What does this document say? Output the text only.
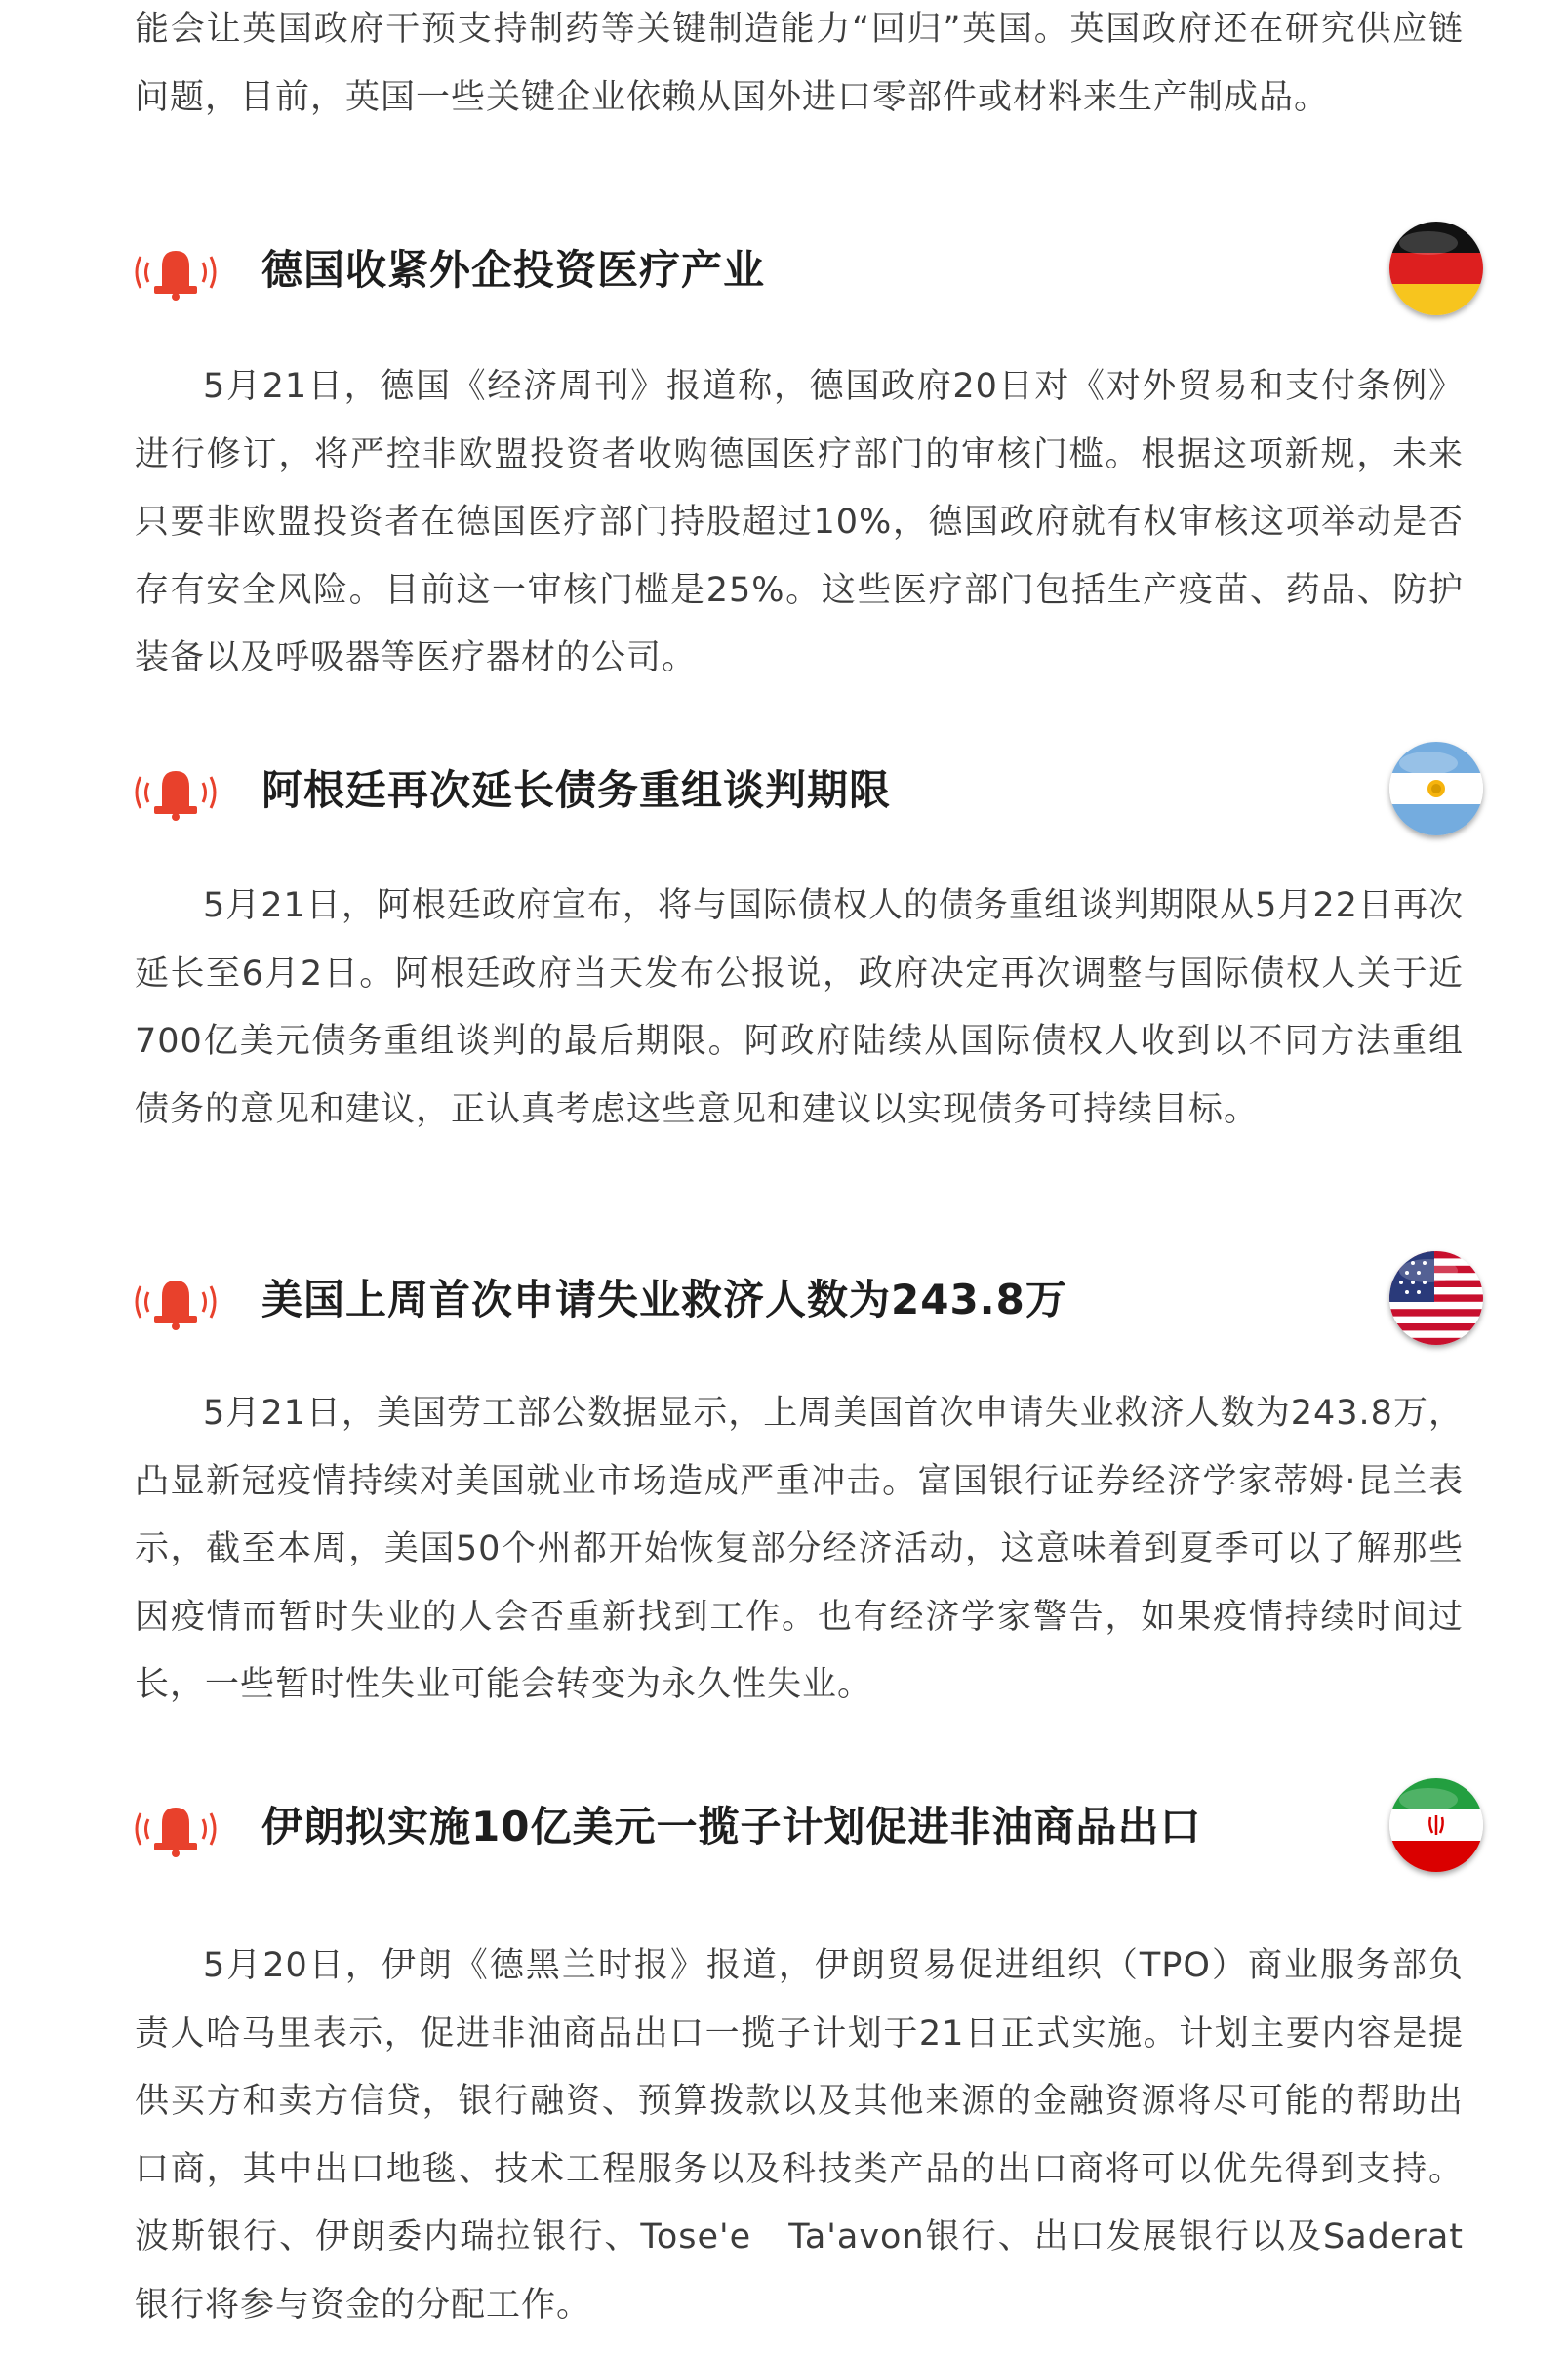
能会让英国政府干预支持制药等关键制造能力“回归”英国。英国政府还在研究供应链问题，目前，英国一些关键企业依赖从国外进口零部件或材料来生产制成品。

德国收紧外企投资医疗产业

5月21日，德国《经济周刊》报道称，德国政府20日对《对外贸易和支付条例》进行修订，将严控非欧盟投资者收购德国医疗部门的审核门槛。根据这项新规，未来只要非欧盟投资者在德国医疗部门持股超过10%，德国政府就有权审核这项举动是否存有安全风险。目前这一审核门槛是25%。这些医疗部门包括生产疫苗、药品、防护装备以及呼吸器等医疗器材的公司。

阿根廷再次延长债务重组谈判期限

5月21日，阿根廷政府宣布，将与国际债权人的债务重组谈判期限从5月22日再次延长至6月2日。阿根廷政府当天发布公报说，政府决定再次调整与国际债权人关于近700亿美元债务重组谈判的最后期限。阿政府陆续从国际债权人收到以不同方法重组债务的意见和建议，正认真考虑这些意见和建议以实现债务可持续目标。

美国上周首次申请失业救济人数为243.8万

5月21日，美国劳工部公数据显示，上周美国首次申请失业救济人数为243.8万，凸显新冠疫情持续对美国就业市场造成严重冲击。富国银行证券经济学家蒂姆·昆兰表示，截至本周，美国50个州都开始恢复部分经济活动，这意味着到夏季可以了解那些因疫情而暂时失业的人会否重新找到工作。也有经济学家警告，如果疫情持续时间过长，一些暂时性失业可能会转变为永久性失业。

伊朗拟实施10亿美元一揽子计划促进非油商品出口

5月20日，伊朗《德黑兰时报》报道，伊朗贸易促进组织（TPO）商业服务部负责人哈马里表示，促进非油商品出口一揽子计划于21日正式实施。计划主要内容是提供买方和卖方信贷，银行融资、预算拨款以及其他来源的金融资源将尽可能的帮助出口商，其中出口地毯、技术工程服务以及科技类产品的出口商将可以优先得到支持。波斯银行、伊朗委内瑞拉银行、Tose'e　Ta'avon银行、出口发展银行以及Saderat银行将参与资金的分配工作。
